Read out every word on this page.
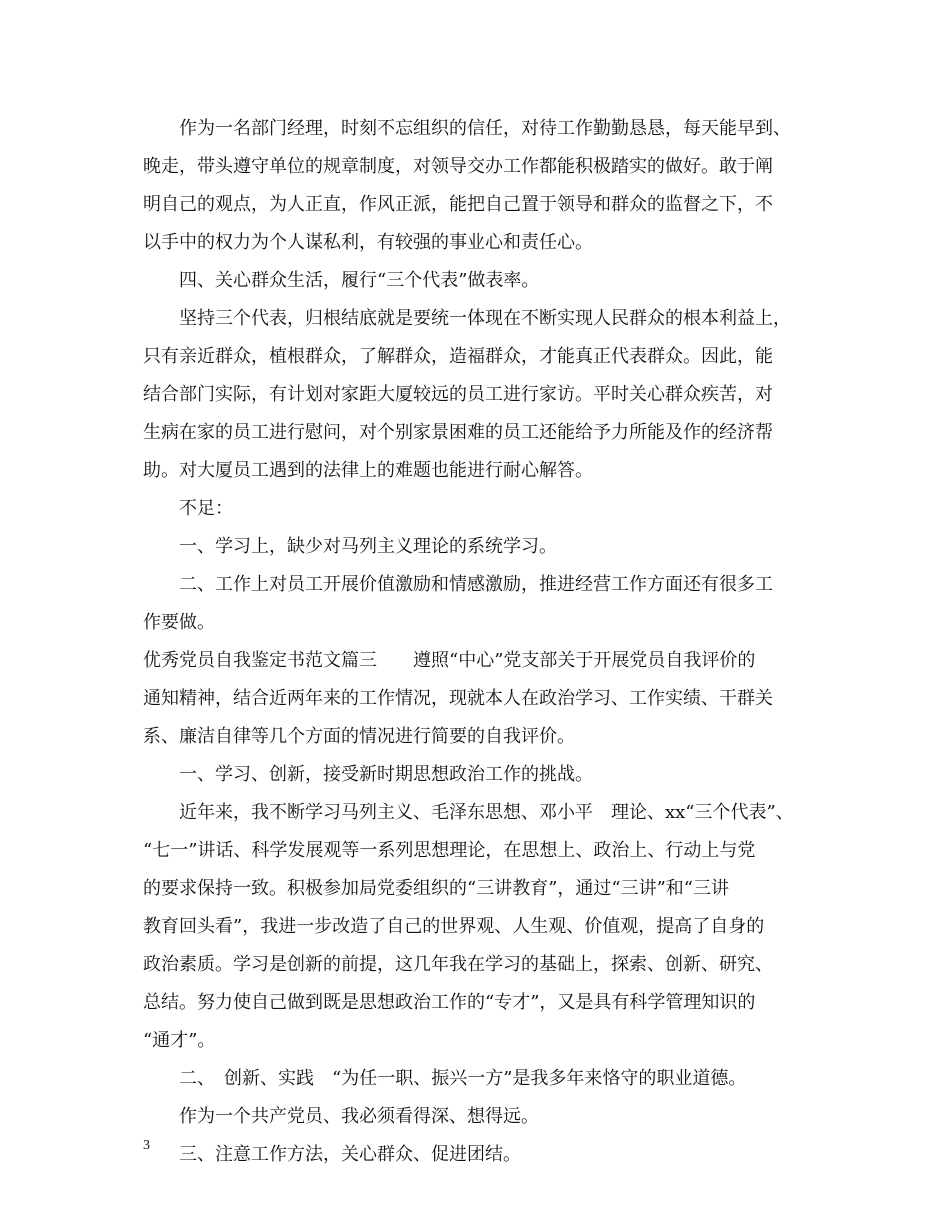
作为一名部门经理，时刻不忘组织的信任，对待工作勤勤恳恳，每天能早到、
晚走，带头遵守单位的规章制度，对领导交办工作都能积极踏实的做好。敢于阐
明自己的观点，为人正直，作风正派，能把自己置于领导和群众的监督之下，不
以手中的权力为个人谋私利，有较强的事业心和责任心。
四、关心群众生活，履行“三个代表”做表率。
坚持三个代表，归根结底就是要统一体现在不断实现人民群众的根本利益上，
只有亲近群众，植根群众，了解群众，造福群众，才能真正代表群众。因此，能
结合部门实际，有计划对家距大厦较远的员工进行家访。平时关心群众疾苦，对
生病在家的员工进行慰问，对个别家景困难的员工还能给予力所能及作的经济帮
助。对大厦员工遇到的法律上的难题也能进行耐心解答。
不足：
一、学习上，缺少对马列主义理论的系统学习。
二、工作上对员工开展价值激励和情感激励，推进经营工作方面还有很多工
作要做。
优秀党员自我鉴定书范文篇三　　遵照“中心”党支部关于开展党员自我评价的
通知精神，结合近两年来的工作情况，现就本人在政治学习、工作实绩、干群关
系、廉洁自律等几个方面的情况进行简要的自我评价。
一、学习、创新，接受新时期思想政治工作的挑战。
近年来，我不断学习马列主义、毛泽东思想、邓小平　理论、xx“三个代表”、
“七一”讲话、科学发展观等一系列思想理论，在思想上、政治上、行动上与党
的要求保持一致。积极参加局党委组织的“三讲教育”，通过“三讲”和“三讲
教育回头看”，我进一步改造了自己的世界观、人生观、价值观，提高了自身的
政治素质。学习是创新的前提，这几年我在学习的基础上，探索、创新、研究、
总结。努力使自己做到既是思想政治工作的“专才”，又是具有科学管理知识的
“通才”。
二、　创新、实践　“为任一职、振兴一方”是我多年来恪守的职业道德。
作为一个共产党员、我必须看得深、想得远。
三、注意工作方法，关心群众、促进团结。
3
